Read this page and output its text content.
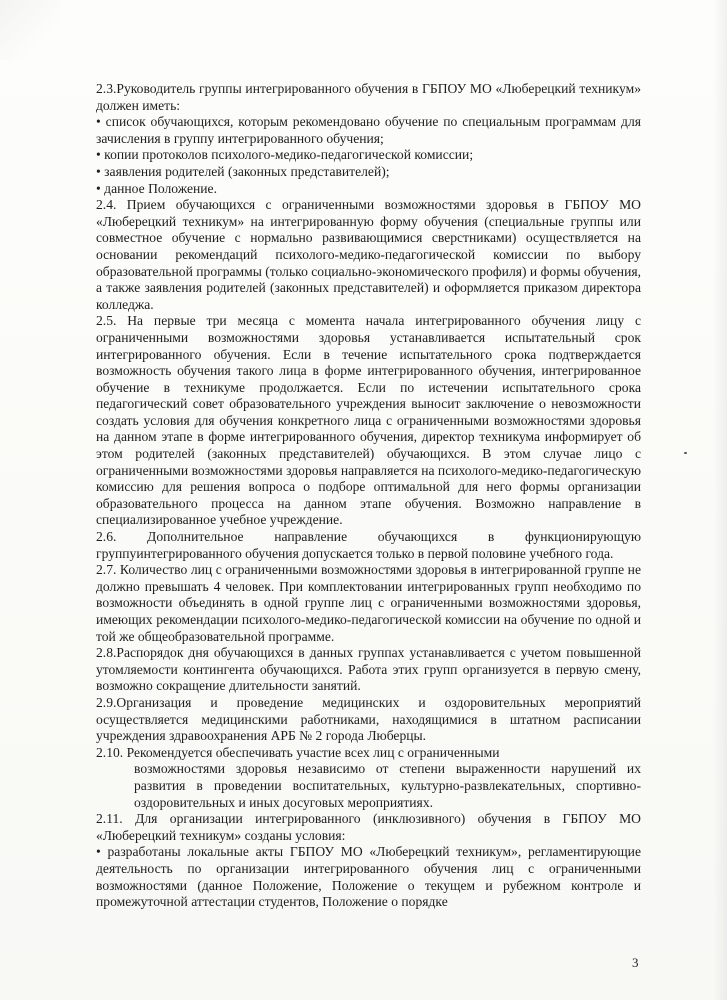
2.3.Руководитель группы интегрированного обучения в ГБПОУ МО «Люберецкий техникум» должен иметь:

• список обучающихся, которым рекомендовано обучение по специальным программам для зачисления в группу интегрированного обучения;

• копии протоколов психолого-медико-педагогической комиссии;

• заявления родителей (законных представителей);

• данное Положение.

2.4. Прием обучающихся с ограниченными возможностями здоровья в ГБПОУ МО «Люберецкий техникум» на интегрированную форму обучения (специальные группы или совместное обучение с нормально развивающимися сверстниками) осуществляется на основании рекомендаций психолого-медико-педагогической комиссии по выбору образовательной программы (только социально-экономического профиля) и формы обучения, а также заявления родителей (законных представителей) и оформляется приказом директора колледжа.

2.5. На первые три месяца с момента начала интегрированного обучения лицу с ограниченными возможностями здоровья устанавливается испытательный срок интегрированного обучения. Если в течение испытательного срока подтверждается возможность обучения такого лица в форме интегрированного обучения, интегрированное обучение в техникуме продолжается. Если по истечении испытательного срока педагогический совет образовательного учреждения выносит заключение о невозможности создать условия для обучения конкретного лица с ограниченными возможностями здоровья на данном этапе в форме интегрированного обучения, директор техникума информирует об этом родителей (законных представителей) обучающихся. В этом случае лицо с ограниченными возможностями здоровья направляется на психолого-медико-педагогическую комиссию для решения вопроса о подборе оптимальной для него формы организации образовательного процесса на данном этапе обучения. Возможно направление в специализированное учебное учреждение.

2.6. Дополнительное направление обучающихся в функционирующую группуинтегрированного обучения допускается только в первой половине учебного года.

2.7. Количество лиц с ограниченными возможностями здоровья в интегрированной группе не должно превышать 4 человек. При комплектовании интегрированных групп необходимо по возможности объединять в одной группе лиц с ограниченными возможностями здоровья, имеющих рекомендации психолого-медико-педагогической комиссии на обучение по одной и той же общеобразовательной программе.

2.8.Распорядок дня обучающихся в данных группах устанавливается с учетом повышенной утомляемости контингента обучающихся. Работа этих групп организуется в первую смену, возможно сокращение длительности занятий.

2.9.Организация и проведение медицинских и оздоровительных мероприятий осуществляется медицинскими работниками, находящимися в штатном расписании учреждения здравоохранения АРБ № 2 города Люберцы.

2.10. Рекомендуется обеспечивать участие всех лиц с ограниченными

возможностями здоровья независимо от степени выраженности нарушений их развития в проведении воспитательных, культурно-развлекательных, спортивно-оздоровительных и иных досуговых мероприятиях.

2.11. Для организации интегрированного (инклюзивного) обучения в ГБПОУ МО «Люберецкий техникум» созданы условия:

• разработаны локальные акты ГБПОУ МО «Люберецкий техникум», регламентирующие деятельность по организации интегрированного обучения лиц с ограниченными возможностями (данное Положение, Положение о текущем и рубежном контроле и промежуточной аттестации студентов, Положение о порядке

3
